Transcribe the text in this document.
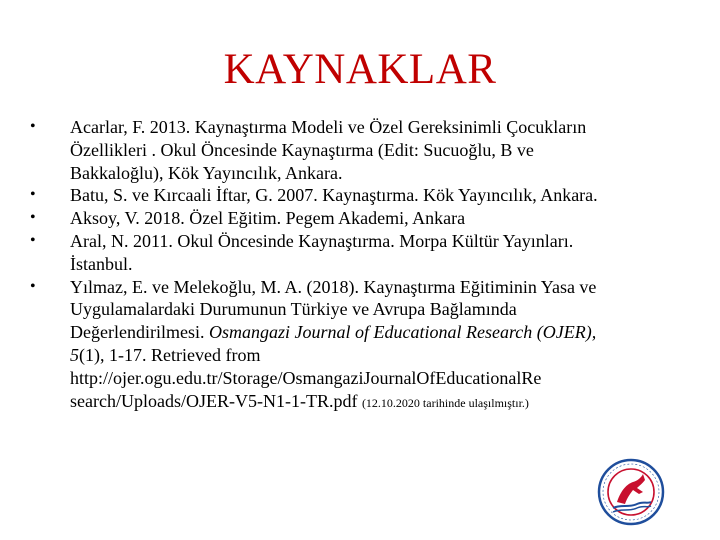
KAYNAKLAR
• Acarlar, F. 2013. Kaynaştırma Modeli ve Özel Gereksinimli Çocukların Özellikleri . Okul Öncesinde Kaynaştırma (Edit: Sucuoğlu, B ve Bakkaloğlu), Kök Yayıncılık, Ankara.
• Batu, S. ve Kırcaali İftar, G. 2007. Kaynaştırma. Kök Yayıncılık, Ankara.
• Aksoy, V. 2018. Özel Eğitim. Pegem Akademi, Ankara
• Aral, N. 2011. Okul Öncesinde Kaynaştırma. Morpa Kültür Yayınları. İstanbul.
• Yılmaz, E. ve Melekoğlu, M. A. (2018). Kaynaştırma Eğitiminin Yasa ve Uygulamalardaki Durumunun Türkiye ve Avrupa Bağlamında Değerlendirilmesi. Osmangazi Journal of Educational Research (OJER), 5(1), 1-17. Retrieved from http://ojer.ogu.edu.tr/Storage/OsmangaziJournalOfEducationalRe search/Uploads/OJER-V5-N1-1-TR.pdf (12.10.2020 tarihinde ulaşılmıştır.)
